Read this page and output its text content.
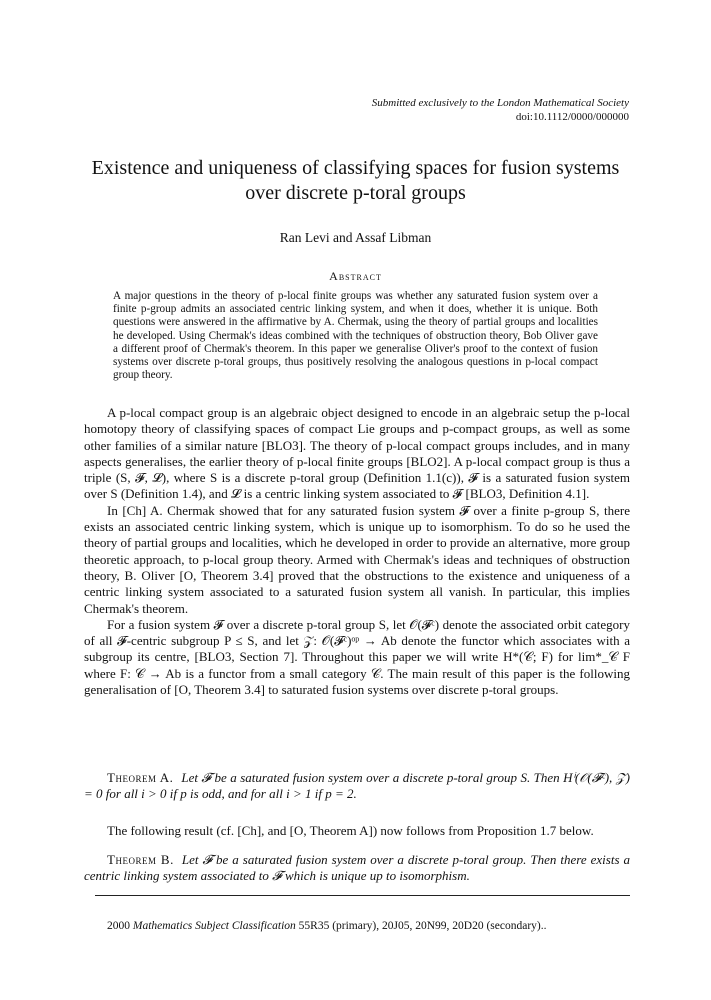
Submitted exclusively to the London Mathematical Society
doi:10.1112/0000/000000
Existence and uniqueness of classifying spaces for fusion systems
over discrete p-toral groups
Ran Levi and Assaf Libman
Abstract
A major questions in the theory of p-local finite groups was whether any saturated fusion system over a finite p-group admits an associated centric linking system, and when it does, whether it is unique. Both questions were answered in the affirmative by A. Chermak, using the theory of partial groups and localities he developed. Using Chermak's ideas combined with the techniques of obstruction theory, Bob Oliver gave a different proof of Chermak's theorem. In this paper we generalise Oliver's proof to the context of fusion systems over discrete p-toral groups, thus positively resolving the analogous questions in p-local compact group theory.

A p-local compact group is an algebraic object designed to encode in an algebraic setup the p-local homotopy theory of classifying spaces of compact Lie groups and p-compact groups, as well as some other families of a similar nature [BLO3]. The theory of p-local compact groups includes, and in many aspects generalises, the earlier theory of p-local finite groups [BLO2]. A p-local compact group is thus a triple (S, 𝓕, 𝓛), where S is a discrete p-toral group (Definition 1.1(c)), 𝓕 is a saturated fusion system over S (Definition 1.4), and 𝓛 is a centric linking system associated to 𝓕 [BLO3, Definition 4.1].

In [Ch] A. Chermak showed that for any saturated fusion system 𝓕 over a finite p-group S, there exists an associated centric linking system, which is unique up to isomorphism. To do so he used the theory of partial groups and localities, which he developed in order to provide an alternative, more group theoretic approach, to p-local group theory. Armed with Chermak's ideas and techniques of obstruction theory, B. Oliver [O, Theorem 3.4] proved that the obstructions to the existence and uniqueness of a centric linking system associated to a saturated fusion system all vanish. In particular, this implies Chermak's theorem.

For a fusion system 𝓕 over a discrete p-toral group S, let 𝒪(𝓕ᶜ) denote the associated orbit category of all 𝓕-centric subgroup P ≤ S, and let 𝒵: 𝒪(𝓕ᶜ)ᵒᵖ → Ab denote the functor which associates with a subgroup its centre, [BLO3, Section 7]. Throughout this paper we will write H*(𝒞; F) for lim*_𝒞 F where F: 𝒞 → Ab is a functor from a small category 𝒞. The main result of this paper is the following generalisation of [O, Theorem 3.4] to saturated fusion systems over discrete p-toral groups.

Theorem A. Let 𝓕 be a saturated fusion system over a discrete p-toral group S. Then Hⁱ(𝒪(𝓕ᶜ), 𝒵) = 0 for all i > 0 if p is odd, and for all i > 1 if p = 2.
The following result (cf. [Ch], and [O, Theorem A]) now follows from Proposition 1.7 below.
Theorem B. Let 𝓕 be a saturated fusion system over a discrete p-toral group. Then there exists a centric linking system associated to 𝓕 which is unique up to isomorphism.
2000 Mathematics Subject Classification 55R35 (primary), 20J05, 20N99, 20D20 (secondary)..
